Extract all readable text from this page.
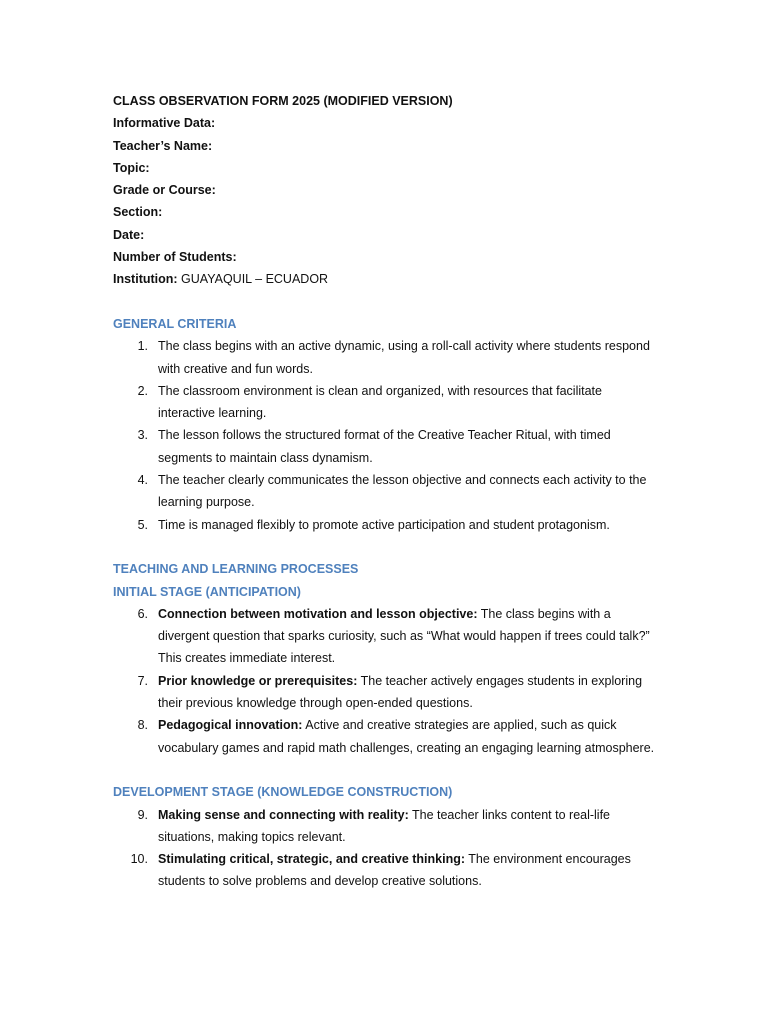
CLASS OBSERVATION FORM 2025 (MODIFIED VERSION)
Informative Data:
Teacher’s Name:
Topic:
Grade or Course:
Section:
Date:
Number of Students:
Institution: GUAYAQUIL – ECUADOR
GENERAL CRITERIA
1. The class begins with an active dynamic, using a roll-call activity where students respond with creative and fun words.
2. The classroom environment is clean and organized, with resources that facilitate interactive learning.
3. The lesson follows the structured format of the Creative Teacher Ritual, with timed segments to maintain class dynamism.
4. The teacher clearly communicates the lesson objective and connects each activity to the learning purpose.
5. Time is managed flexibly to promote active participation and student protagonism.
TEACHING AND LEARNING PROCESSES
INITIAL STAGE (ANTICIPATION)
6. Connection between motivation and lesson objective: The class begins with a divergent question that sparks curiosity, such as “What would happen if trees could talk?” This creates immediate interest.
7. Prior knowledge or prerequisites: The teacher actively engages students in exploring their previous knowledge through open-ended questions.
8. Pedagogical innovation: Active and creative strategies are applied, such as quick vocabulary games and rapid math challenges, creating an engaging learning atmosphere.
DEVELOPMENT STAGE (KNOWLEDGE CONSTRUCTION)
9. Making sense and connecting with reality: The teacher links content to real-life situations, making topics relevant.
10. Stimulating critical, strategic, and creative thinking: The environment encourages students to solve problems and develop creative solutions.
